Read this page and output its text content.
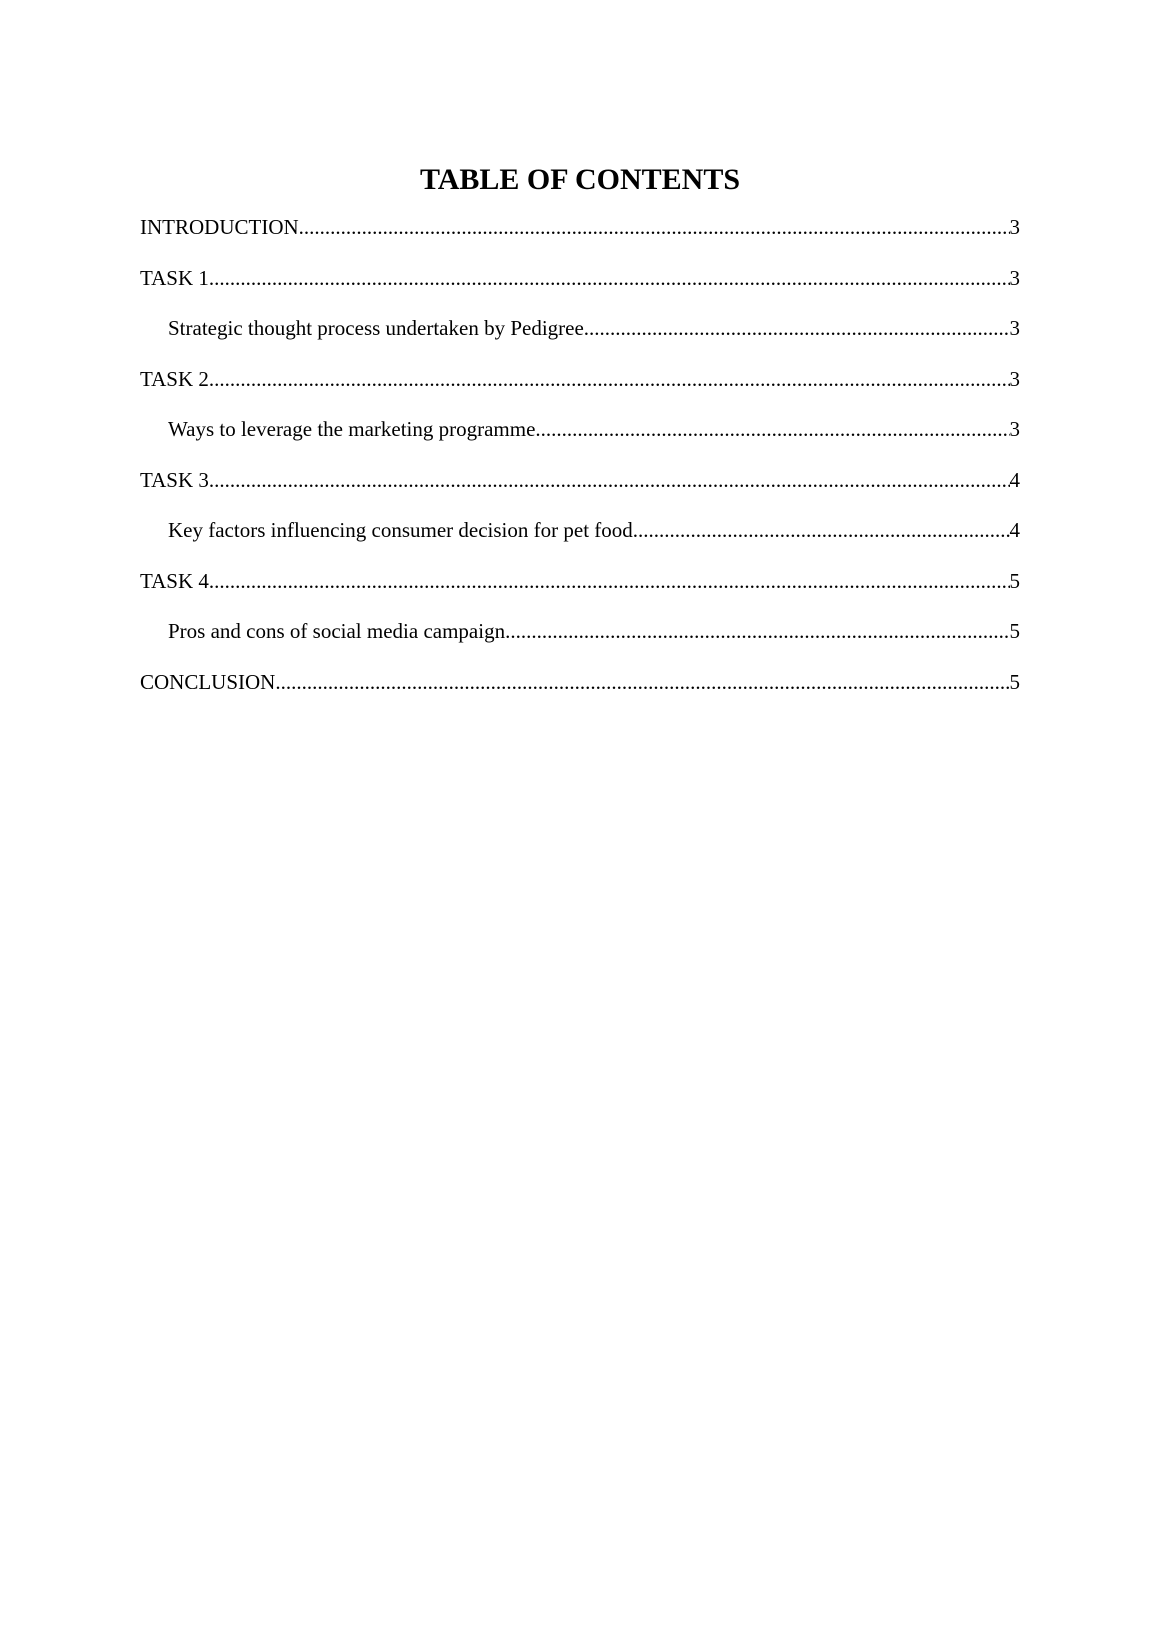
TABLE OF CONTENTS
INTRODUCTION .....	3
TASK 1 .....	3
Strategic thought process undertaken by Pedigree .....	3
TASK 2 .....	3
Ways to leverage the marketing programme .....	3
TASK 3 .....	4
Key factors influencing consumer decision for pet food .....	4
TASK 4 .....	5
Pros and cons of social media campaign .....	5
CONCLUSION .....	5
